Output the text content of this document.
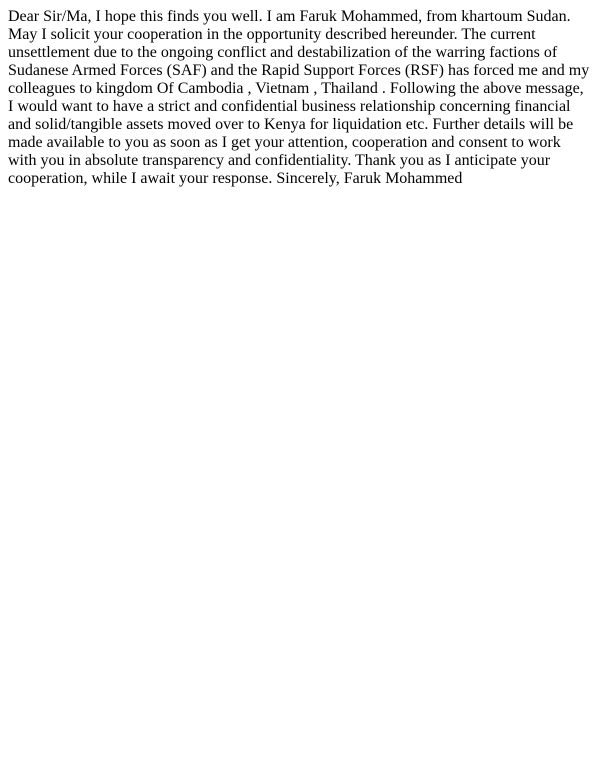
Dear Sir/Ma, I hope this finds you well. I am Faruk Mohammed, from khartoum Sudan. May I solicit your cooperation in the opportunity described hereunder. The current unsettlement due to the ongoing conflict and destabilization of the warring factions of Sudanese Armed Forces (SAF) and the Rapid Support Forces (RSF) has forced me and my colleagues to kingdom Of Cambodia , Vietnam , Thailand . Following the above message, I would want to have a strict and confidential business relationship concerning financial and solid/tangible assets moved over to Kenya for liquidation etc. Further details will be made available to you as soon as I get your attention, cooperation and consent to work with you in absolute transparency and confidentiality. Thank you as I anticipate your cooperation, while I await your response. Sincerely, Faruk Mohammed
